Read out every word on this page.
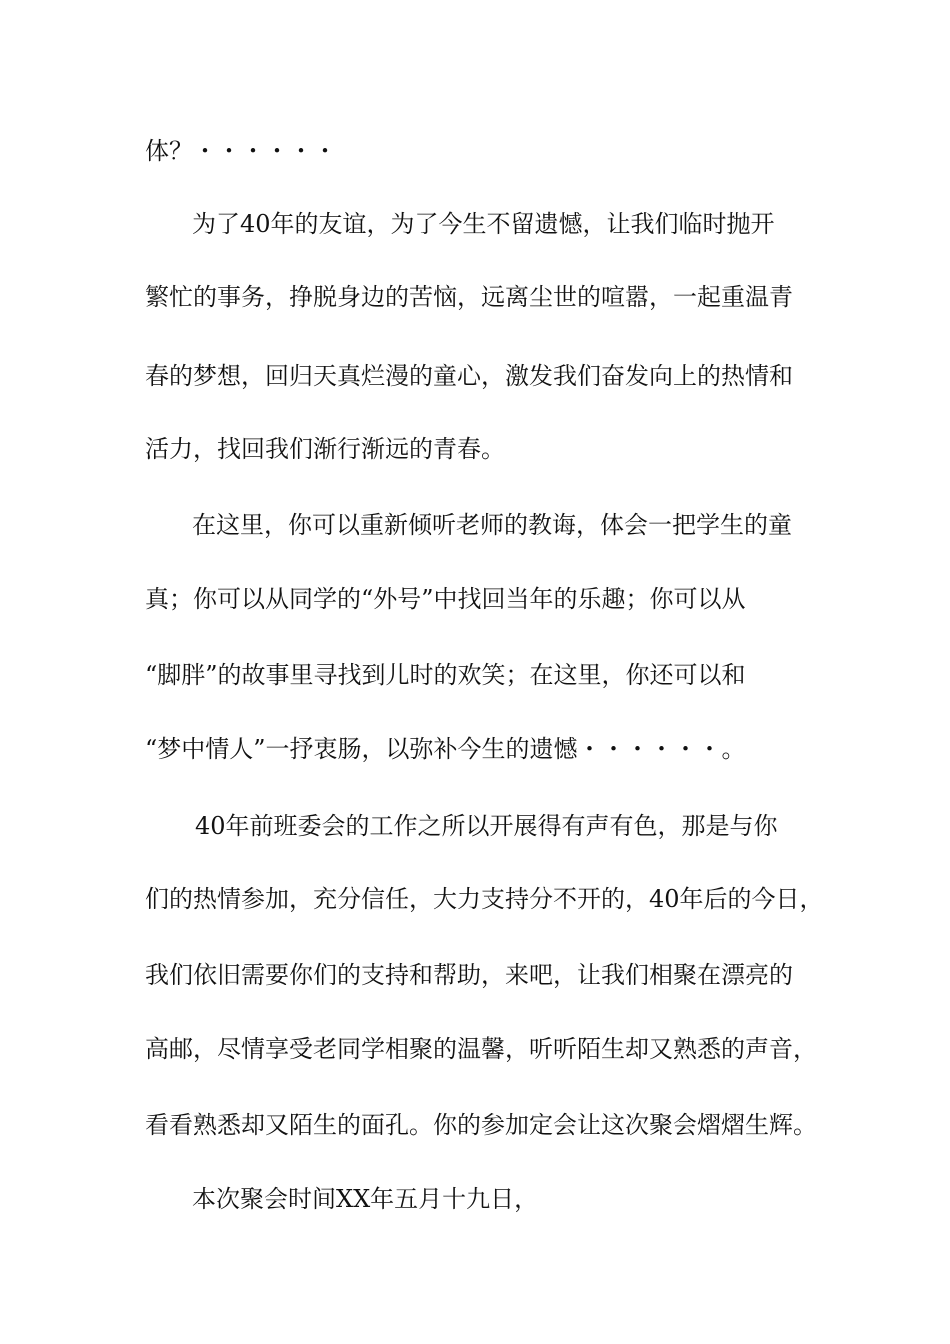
体？・・・・・・
为了40年的友谊，为了今生不留遗憾，让我们临时抛开
繁忙的事务，挣脱身边的苦恼，远离尘世的喧嚣，一起重温青
春的梦想，回归天真烂漫的童心，激发我们奋发向上的热情和
活力，找回我们渐行渐远的青春。
在这里，你可以重新倾听老师的教诲，体会一把学生的童
真；你可以从同学的“外号”中找回当年的乐趣；你可以从
“脚胖”的故事里寻找到儿时的欢笑；在这里，你还可以和
“梦中情人”一抒衷肠，以弥补今生的遗憾・・・・・・。
40年前班委会的工作之所以开展得有声有色，那是与你
们的热情参加，充分信任，大力支持分不开的，40年后的今日，
我们依旧需要你们的支持和帮助，来吧，让我们相聚在漂亮的
高邮，尽情享受老同学相聚的温馨，听听陌生却又熟悉的声音，
看看熟悉却又陌生的面孔。你的参加定会让这次聚会熠熠生辉。
本次聚会时间XX年五月十九日，
